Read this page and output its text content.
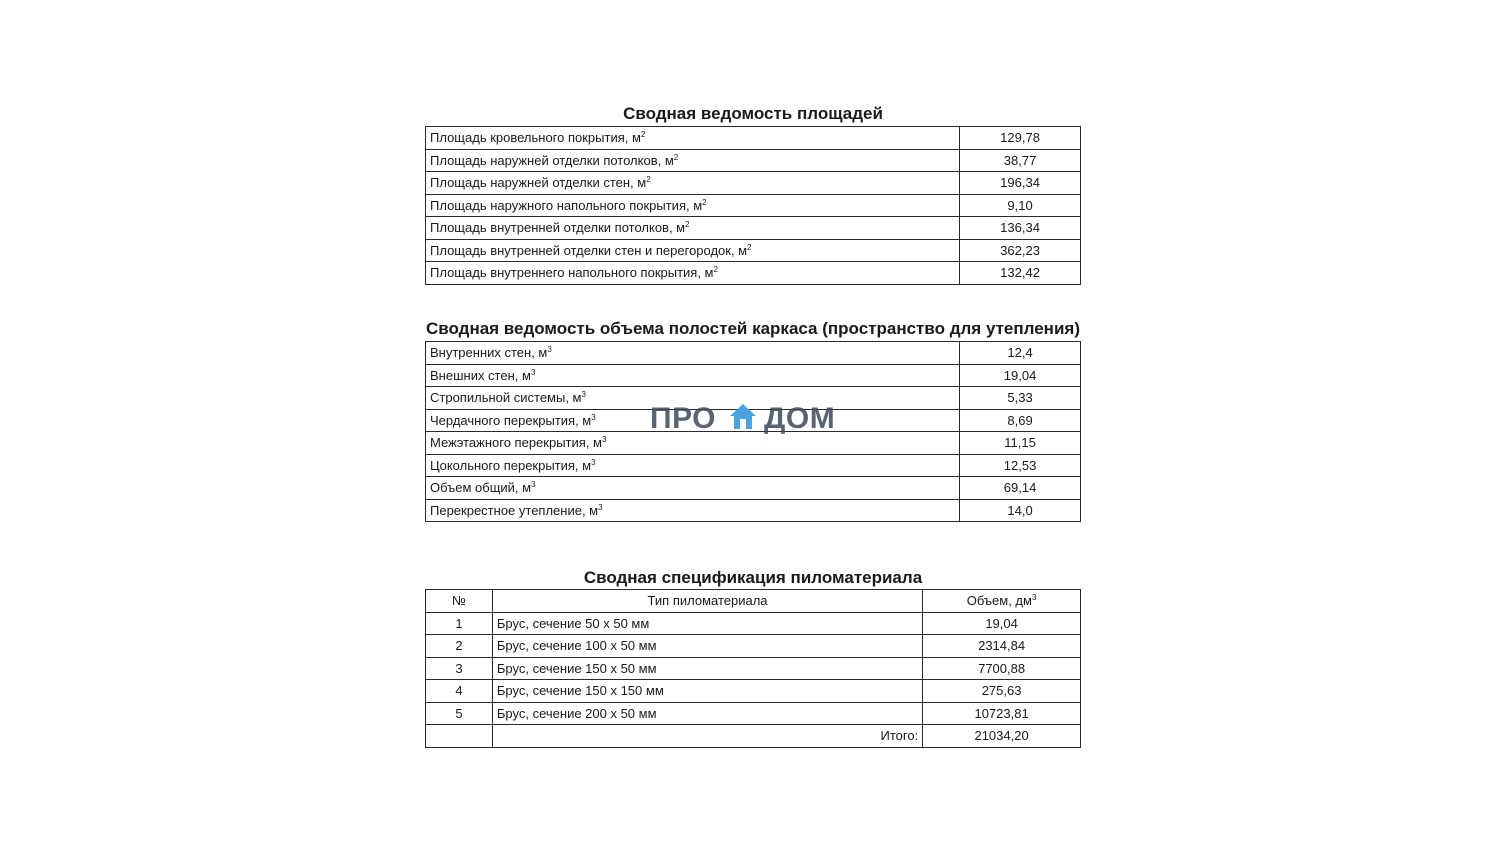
Сводная ведомость площадей
Площадь кровельного покрытия, $м^2$	129,78
Площадь наружней отделки потолков, $м^2$	38,77
Площадь наружней отделки стен, $м^2$	196,34
Площадь наружного напольного покрытия, $м^2$	9,10
Площадь внутренней отделки потолков, $м^2$	136,34
Площадь внутренней отделки стен и перегородок, $м^2$	362,23
Площадь внутреннего напольного покрытия, $м^2$	132,42
Сводная ведомость объема полостей каркаса (пространство для утепления)
Внутренних стен, $м^3$	12,4
Внешних стен, $м^3$	19,04
Стропильной системы, $м^3$	5,33
Чердачного перекрытия, $м^3$	8,69
Межэтажного перекрытия, $м^3$	11,15
Цокольного перекрытия, $м^3$	12,53
Объем общий, $м^3$	69,14
Перекрестное утепление, $м^3$	14,0
ПРО ДОМ
Сводная спецификация пиломатериала
№	Тип пиломатериала	Объем, $дм^3$
1	Брус, сечение 50 х 50 мм	19,04
2	Брус, сечение 100 х 50 мм	2314,84
3	Брус, сечение 150 х 50 мм	7700,88
4	Брус, сечение 150 х 150 мм	275,63
5	Брус, сечение 200 х 50 мм	10723,81
	Итого:	21034,20
